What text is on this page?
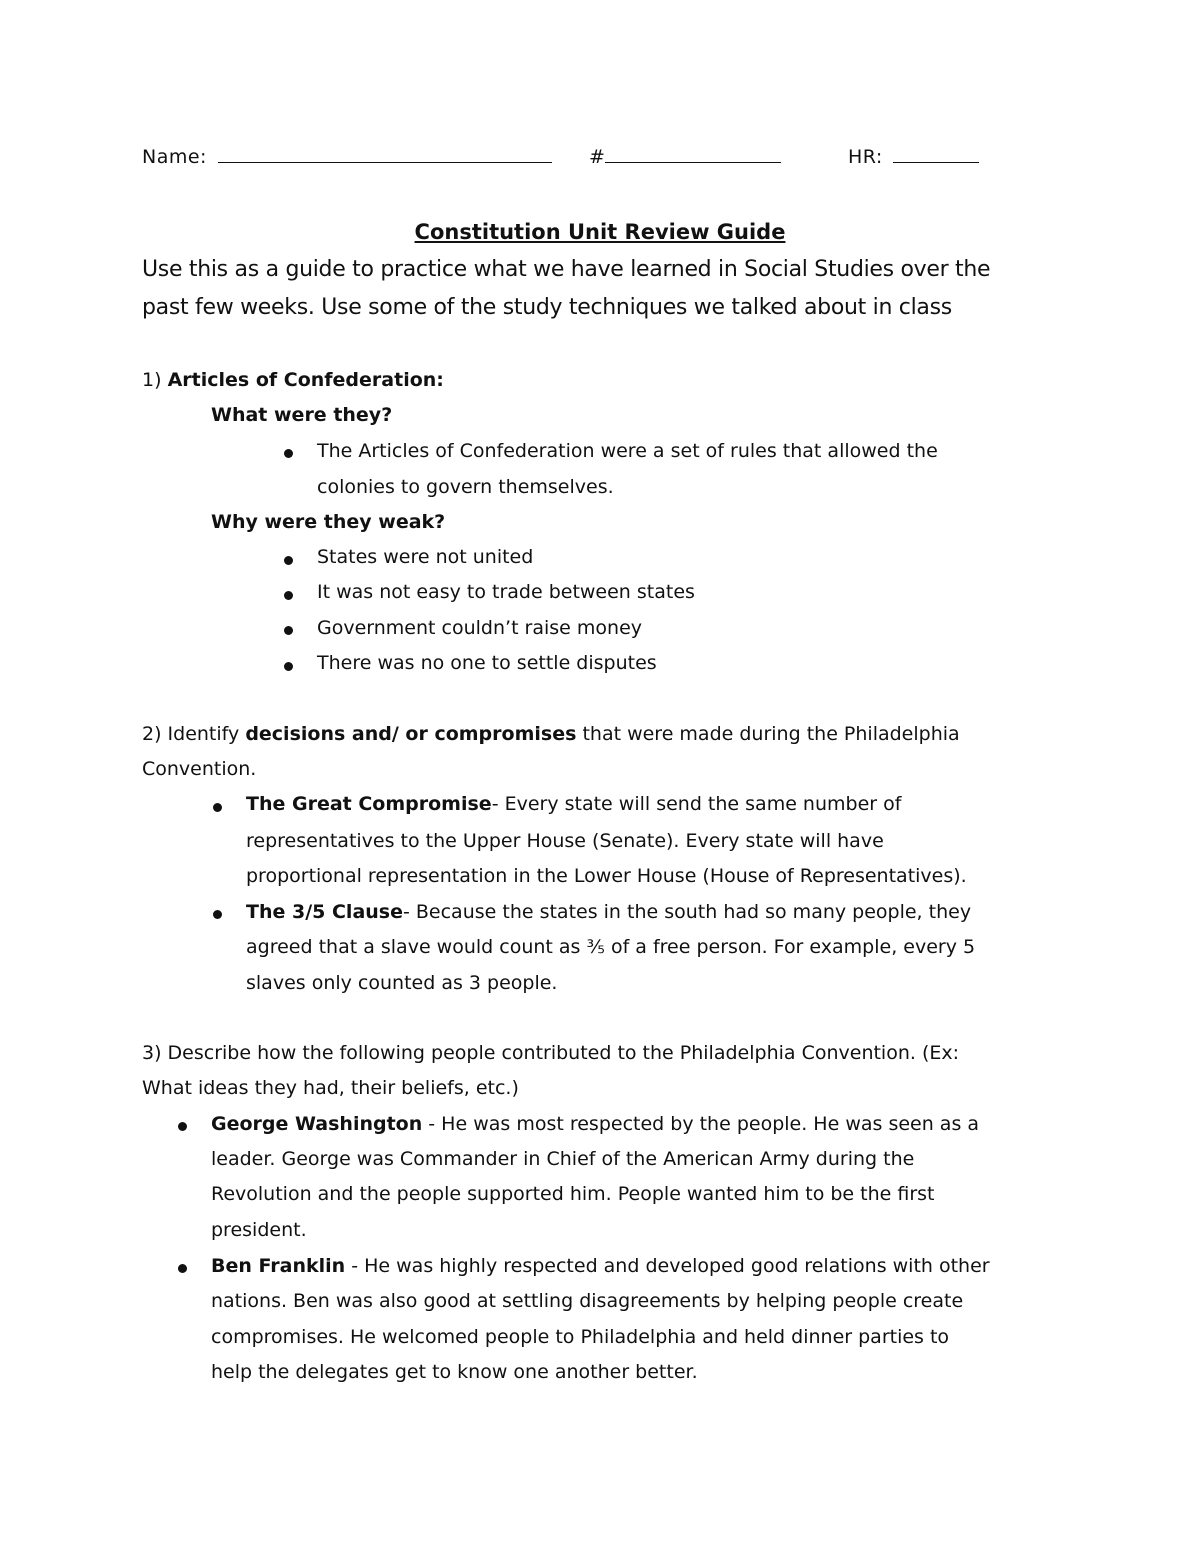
Name:	#	HR:
Constitution Unit Review Guide
Use this as a guide to practice what we have learned in Social Studies over the
past few weeks. Use some of the study techniques we talked about in class
1) Articles of Confederation:
What were they?
The Articles of Confederation were a set of rules that allowed the
colonies to govern themselves.
Why were they weak?
States were not united
It was not easy to trade between states
Government couldn’t raise money
There was no one to settle disputes
2) Identify decisions and/ or compromises that were made during the Philadelphia
Convention.
The Great Compromise- Every state will send the same number of
representatives to the Upper House (Senate). Every state will have
proportional representation in the Lower House (House of Representatives).
The 3/5 Clause- Because the states in the south had so many people, they
agreed that a slave would count as ⅗ of a free person. For example, every 5
slaves only counted as 3 people.
3) Describe how the following people contributed to the Philadelphia Convention. (Ex:
What ideas they had, their beliefs, etc.)
George Washington - He was most respected by the people. He was seen as a
leader. George was Commander in Chief of the American Army during the
Revolution and the people supported him. People wanted him to be the first
president.
Ben Franklin - He was highly respected and developed good relations with other
nations. Ben was also good at settling disagreements by helping people create
compromises. He welcomed people to Philadelphia and held dinner parties to
help the delegates get to know one another better.
